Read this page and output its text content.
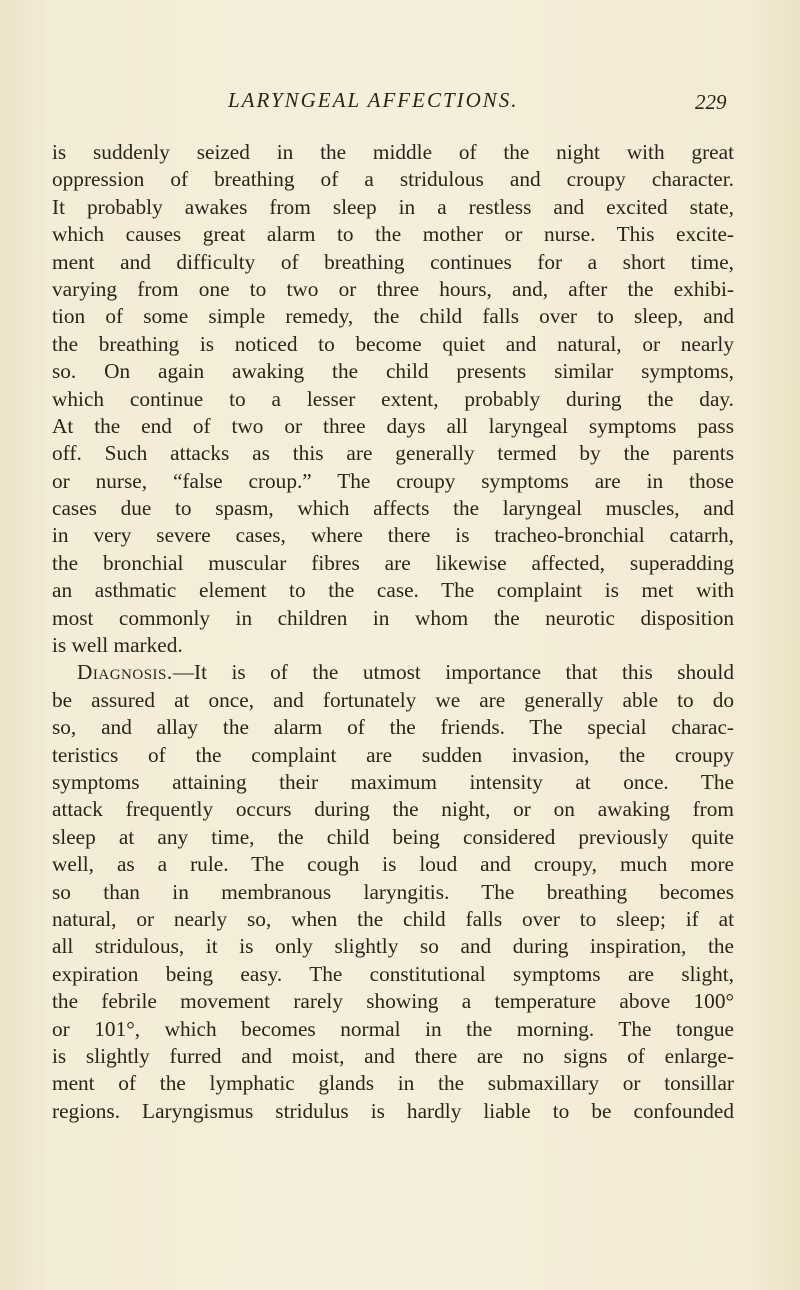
LARYNGEAL AFFECTIONS.	229
is suddenly seized in the middle of the night with great
oppression of breathing of a stridulous and croupy character.
It probably awakes from sleep in a restless and excited state,
which causes great alarm to the mother or nurse. This excite-
ment and difficulty of breathing continues for a short time,
varying from one to two or three hours, and, after the exhibi-
tion of some simple remedy, the child falls over to sleep, and
the breathing is noticed to become quiet and natural, or nearly
so. On again awaking the child presents similar symptoms,
which continue to a lesser extent, probably during the day.
At the end of two or three days all laryngeal symptoms pass
off. Such attacks as this are generally termed by the parents
or nurse, “false croup.” The croupy symptoms are in those
cases due to spasm, which affects the laryngeal muscles, and
in very severe cases, where there is tracheo-bronchial catarrh,
the bronchial muscular fibres are likewise affected, superadding
an asthmatic element to the case. The complaint is met with
most commonly in children in whom the neurotic disposition
is well marked.
Diagnosis.—It is of the utmost importance that this should
be assured at once, and fortunately we are generally able to do
so, and allay the alarm of the friends. The special charac-
teristics of the complaint are sudden invasion, the croupy
symptoms attaining their maximum intensity at once. The
attack frequently occurs during the night, or on awaking from
sleep at any time, the child being considered previously quite
well, as a rule. The cough is loud and croupy, much more
so than in membranous laryngitis. The breathing becomes
natural, or nearly so, when the child falls over to sleep; if at
all stridulous, it is only slightly so and during inspiration, the
expiration being easy. The constitutional symptoms are slight,
the febrile movement rarely showing a temperature above 100°
or 101°, which becomes normal in the morning. The tongue
is slightly furred and moist, and there are no signs of enlarge-
ment of the lymphatic glands in the submaxillary or tonsillar
regions. Laryngismus stridulus is hardly liable to be confounded
